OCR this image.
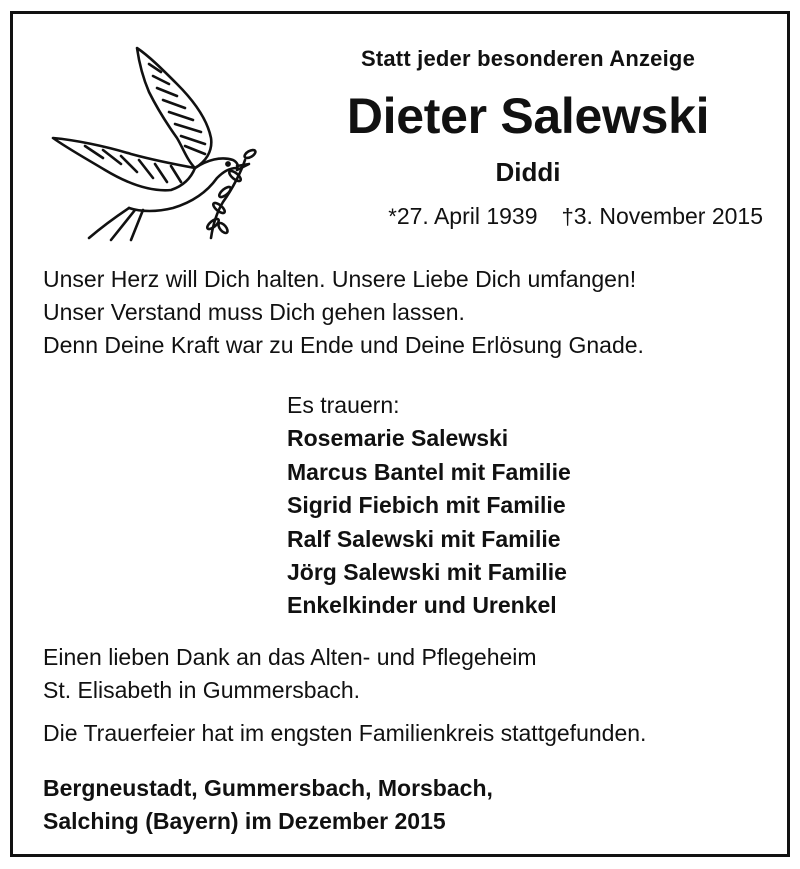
Statt jeder besonderen Anzeige
Dieter Salewski
Diddi
*27. April 1939 †3. November 2015
Unser Herz will Dich halten. Unsere Liebe Dich umfangen!
Unser Verstand muss Dich gehen lassen.
Denn Deine Kraft war zu Ende und Deine Erlösung Gnade.
Es trauern:
Rosemarie Salewski
Marcus Bantel mit Familie
Sigrid Fiebich mit Familie
Ralf Salewski mit Familie
Jörg Salewski mit Familie
Enkelkinder und Urenkel
Einen lieben Dank an das Alten- und Pflegeheim
St. Elisabeth in Gummersbach.
Die Trauerfeier hat im engsten Familienkreis stattgefunden.
Bergneustadt, Gummersbach, Morsbach,
Salching (Bayern) im Dezember 2015
